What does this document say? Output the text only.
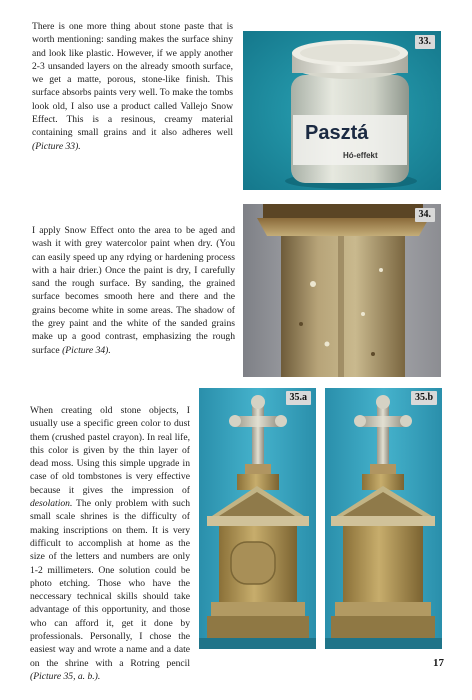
There is one more thing about stone paste that is worth mentioning: sanding makes the surface shiny and look like plastic. However, if we apply another 2-3 unsanded layers on the already smooth surface, we get a matte, porous, stone-like finish. This surface absorbs paints very well. To make the tombs look old, I also use a product called Vallejo Snow Effect. This is a resinous, creamy material containing small grains and it also adheres well (Picture 33).

I apply Snow Effect onto the area to be aged and wash it with grey watercolor paint when dry. (You can easily speed up any rdying or hardening process with a hair drier.) Once the paint is dry, I carefully sand the rough surface. By sanding, the grained surface becomes smooth here and there and the grains become white in some areas. The shadow of the grey paint and the white of the sanded grains make up a good contrast, emphasizing the rough surface (Picture 34).

When creating old stone objects, I usually use a specific green color to dust them (crushed pastel crayon). In real life, this color is given by the thin layer of dead moss. Using this simple upgrade in case of old tombstones is very effective because it gives the impression of desolation. The only problem with such small scale shrines is the difficulty of making inscriptions on them. It is very difficult to accomplish at home as the size of the letters and numbers are only 1-2 millimeters. One solution could be photo etching. Those who have the neccessary technical skills should take advantage of this opportunity, and those who can afford it, get it done by professionals. Personally, I chose the easiest way and wrote a name and a date on the shrine with a Rotring pencil (Picture 35, a. b.).

Pasztá
Hó-effekt
33.
34.
35.a	35.b
17
